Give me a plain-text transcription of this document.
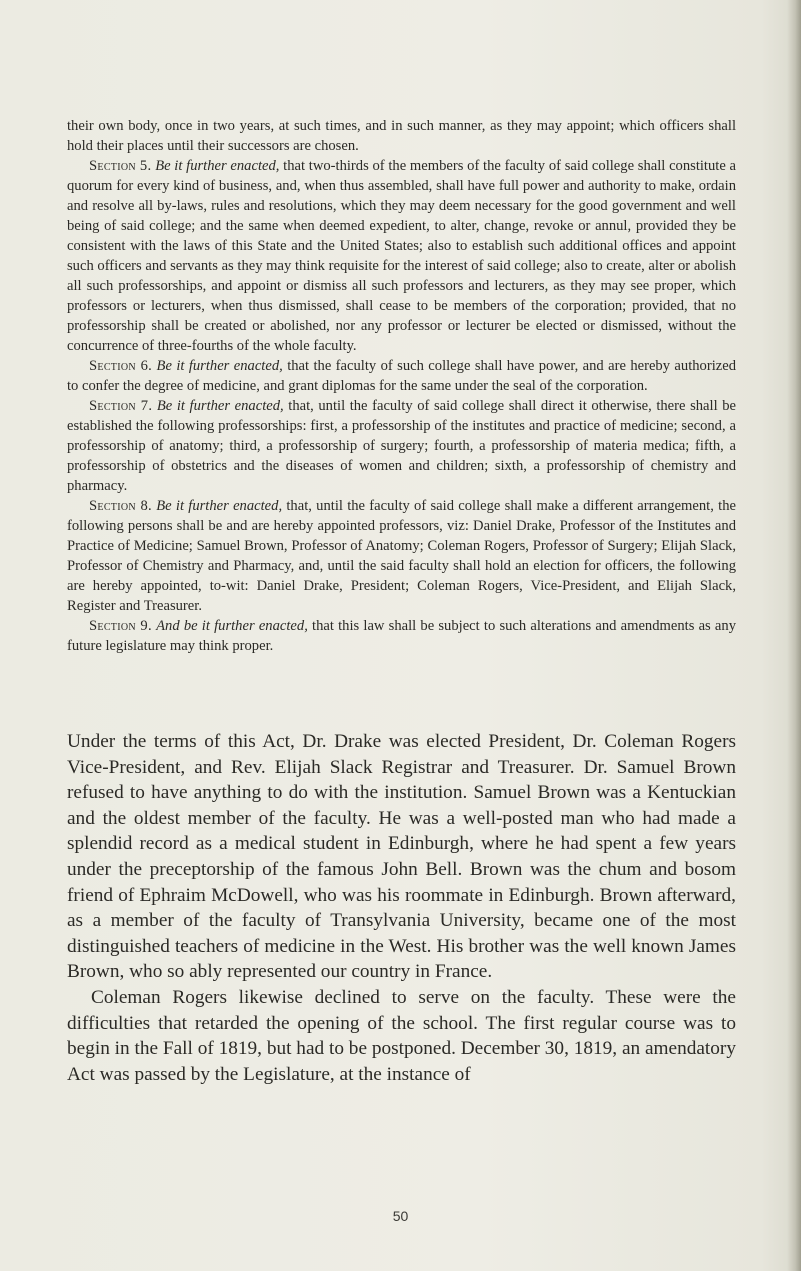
their own body, once in two years, at such times, and in such manner, as they may appoint; which officers shall hold their places until their successors are chosen.

Section 5. Be it further enacted, that two-thirds of the members of the faculty of said college shall constitute a quorum for every kind of business, and, when thus assembled, shall have full power and authority to make, ordain and resolve all by-laws, rules and resolutions, which they may deem necessary for the good government and well being of said college; and the same when deemed expedient, to alter, change, revoke or annul, provided they be consistent with the laws of this State and the United States; also to establish such additional offices and appoint such officers and servants as they may think requisite for the interest of said college; also to create, alter or abolish all such professorships, and appoint or dismiss all such professors and lecturers, as they may see proper, which professors or lecturers, when thus dismissed, shall cease to be members of the corporation; provided, that no professorship shall be created or abolished, nor any professor or lecturer be elected or dismissed, without the concurrence of three-fourths of the whole faculty.

Section 6. Be it further enacted, that the faculty of such college shall have power, and are hereby authorized to confer the degree of medicine, and grant diplomas for the same under the seal of the corporation.

Section 7. Be it further enacted, that, until the faculty of said college shall direct it otherwise, there shall be established the following professorships: first, a professorship of the institutes and practice of medicine; second, a professorship of anatomy; third, a professorship of surgery; fourth, a professorship of materia medica; fifth, a professorship of obstetrics and the diseases of women and children; sixth, a professorship of chemistry and pharmacy.

Section 8. Be it further enacted, that, until the faculty of said college shall make a different arrangement, the following persons shall be and are hereby appointed professors, viz: Daniel Drake, Professor of the Institutes and Practice of Medicine; Samuel Brown, Professor of Anatomy; Coleman Rogers, Professor of Surgery; Elijah Slack, Professor of Chemistry and Pharmacy, and, until the said faculty shall hold an election for officers, the following are hereby appointed, to-wit: Daniel Drake, President; Coleman Rogers, Vice-President, and Elijah Slack, Register and Treasurer.

Section 9. And be it further enacted, that this law shall be subject to such alterations and amendments as any future legislature may think proper.

Under the terms of this Act, Dr. Drake was elected President, Dr. Coleman Rogers Vice-President, and Rev. Elijah Slack Registrar and Treasurer. Dr. Samuel Brown refused to have anything to do with the institution. Samuel Brown was a Kentuckian and the oldest member of the faculty. He was a well-posted man who had made a splendid record as a medical student in Edinburgh, where he had spent a few years under the preceptorship of the famous John Bell. Brown was the chum and bosom friend of Ephraim McDowell, who was his roommate in Edinburgh. Brown afterward, as a member of the faculty of Transylvania University, became one of the most distinguished teachers of medicine in the West. His brother was the well known James Brown, who so ably represented our country in France.

Coleman Rogers likewise declined to serve on the faculty. These were the difficulties that retarded the opening of the school. The first regular course was to begin in the Fall of 1819, but had to be postponed. December 30, 1819, an amendatory Act was passed by the Legislature, at the instance of

50
